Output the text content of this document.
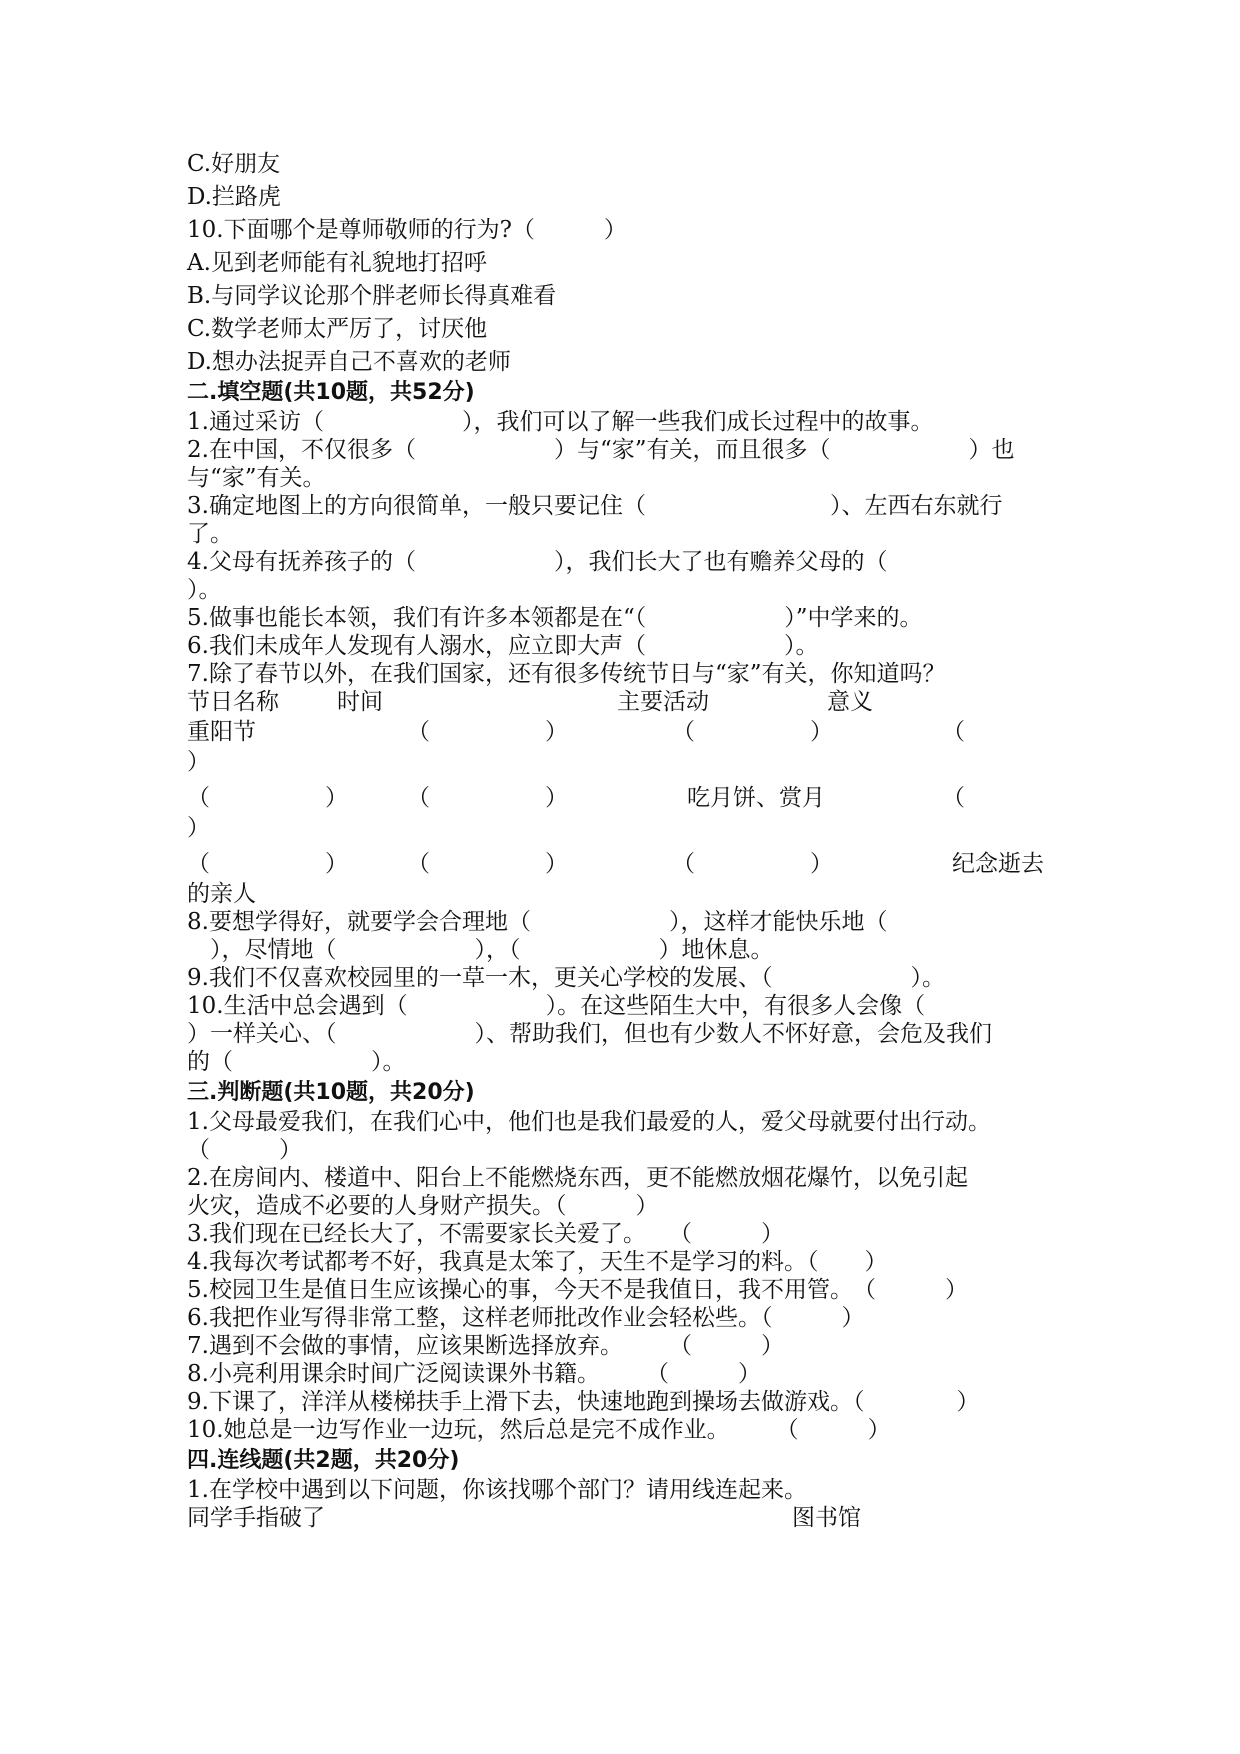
C.好朋友
D.拦路虎
10.下面哪个是尊师敬师的行为?（　　　）
A.见到老师能有礼貌地打招呼
B.与同学议论那个胖老师长得真难看
C.数学老师太严厉了，讨厌他
D.想办法捉弄自己不喜欢的老师
二.填空题(共10题，共52分)
1.通过采访（　　　　　　），我们可以了解一些我们成长过程中的故事。
2.在中国，不仅很多（　　　　　　）与“家”有关，而且很多（　　　　　　）也
与“家”有关。
3.确定地图上的方向很简单，一般只要记住（　　　　　　　　）、左西右东就行
了。
4.父母有抚养孩子的（　　　　　　），我们长大了也有赡养父母的（
）。
5.做事也能长本领，我们有许多本领都是在“（　　　　　　）”中学来的。
6.我们未成年人发现有人溺水，应立即大声（　　　　　　）。
7.除了春节以外，在我们国家，还有很多传统节日与“家”有关，你知道吗？
节日名称	时间	主要活动	意义
重阳节	（　　　　　）	（　　　　　）	（
）
（　　　　　）	（　　　　　）	吃月饼、赏月	（
）
（　　　　　）	（　　　　　）	（　　　　　）	纪念逝去
的亲人
8.要想学得好，就要学会合理地（　　　　　　），这样才能快乐地（
　），尽情地（　　　　　　），（　　　　　　）地休息。
9.我们不仅喜欢校园里的一草一木，更关心学校的发展、（　　　　　　）。
10.生活中总会遇到（　　　　　　）。在这些陌生大中，有很多人会像（
）一样关心、（　　　　　　）、帮助我们，但也有少数人不怀好意，会危及我们
的（　　　　　　）。
三.判断题(共10题，共20分)
1.父母最爱我们，在我们心中，他们也是我们最爱的人，爱父母就要付出行动。
（　　　）
2.在房间内、楼道中、阳台上不能燃烧东西，更不能燃放烟花爆竹，以免引起
火灾，造成不必要的人身财产损失。（　　　）
3.我们现在已经长大了，不需要家长关爱了。　　（　　　）
4.我每次考试都考不好，我真是太笨了，天生不是学习的料。（　　）
5.校园卫生是值日生应该操心的事，今天不是我值日，我不用管。　（　　　）
6.我把作业写得非常工整，这样老师批改作业会轻松些。（　　　）
7.遇到不会做的事情，应该果断选择放弃。　　　（　　　）
8.小亮利用课余时间广泛阅读课外书籍。　　　（　　　）
9.下课了，洋洋从楼梯扶手上滑下去，快速地跑到操场去做游戏。（　　　　）
10.她总是一边写作业一边玩，然后总是完不成作业。　　　（　　　）
四.连线题(共2题，共20分)
1.在学校中遇到以下问题，你该找哪个部门？请用线连起来。
同学手指破了	图书馆
